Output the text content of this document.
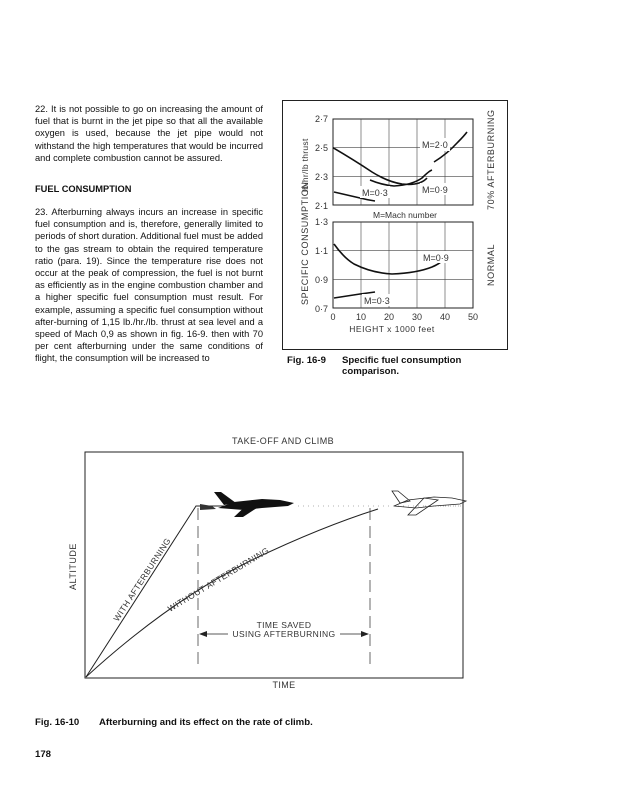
22. It is not possible to go on increasing the amount of fuel that is burnt in the jet pipe so that all the available oxygen is used, because the jet pipe would not withstand the high temperatures that would be incurred and complete combustion cannot be assured.

FUEL CONSUMPTION

23. Afterburning always incurs an increase in specific fuel consumption and is, therefore, generally limited to periods of short duration. Additional fuel must be added to the gas stream to obtain the required temperature ratio (para. 19). Since the temperature rise does not occur at the peak of compression, the fuel is not burnt as efficiently as in the engine combustion chamber and a higher specific fuel consumption must result. For example, assuming a specific fuel consumption without after-burning of 1,15 lb./hr./lb. thrust at sea level and a speed of Mach 0,9 as shown in fig. 16-9. then with 70 per cent afterburning under the same conditions of flight, the consumption will be increased to

2·7
2·5
2·3
2·1
1·3
1·1
0·9
0·7
0 10 20 30 40 50
HEIGHT x 1000 feet
M=Mach number
SPECIFIC CONSUMPTION
lb/hr/lb thrust	70% AFTERBURNING
NORMAL
M=2·0
M=0·9
M=0·3
M=0·9
M=0·3

Fig. 16-9 Specific fuel consumption
comparison.

TAKE-OFF AND CLIMB
ALTITUDE
TIME
TIME SAVED
USING AFTERBURNING
WITH AFTERBURNING
WITHOUT AFTERBURNING

Fig. 16-10 Afterburning and its effect on the rate of climb.

178
